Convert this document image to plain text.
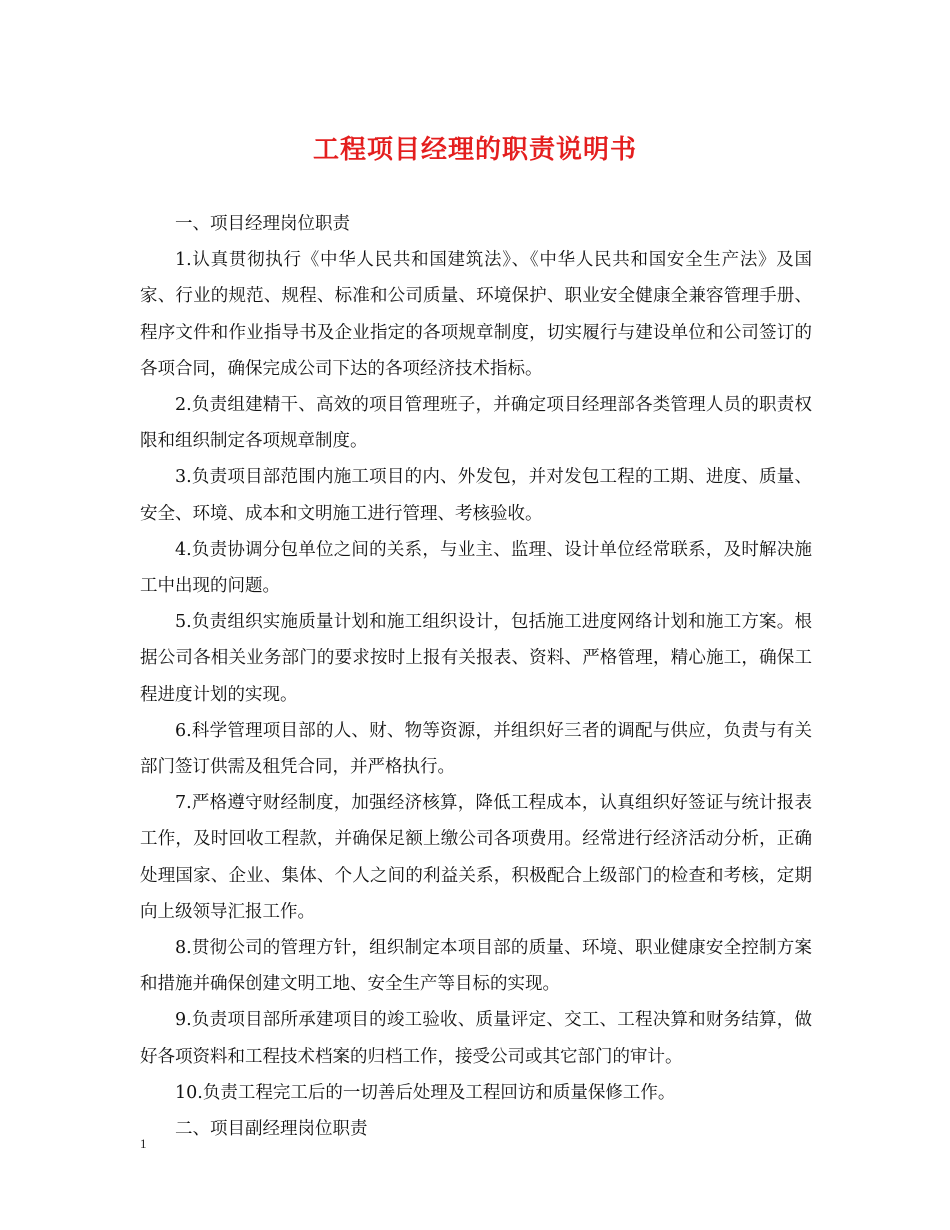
工程项目经理的职责说明书

一、项目经理岗位职责

1.认真贯彻执行《中华人民共和国建筑法》、《中华人民共和国安全生产法》及国家、行业的规范、规程、标准和公司质量、环境保护、职业安全健康全兼容管理手册、程序文件和作业指导书及企业指定的各项规章制度，切实履行与建设单位和公司签订的各项合同，确保完成公司下达的各项经济技术指标。

2.负责组建精干、高效的项目管理班子，并确定项目经理部各类管理人员的职责权限和组织制定各项规章制度。

3.负责项目部范围内施工项目的内、外发包，并对发包工程的工期、进度、质量、安全、环境、成本和文明施工进行管理、考核验收。

4.负责协调分包单位之间的关系，与业主、监理、设计单位经常联系，及时解决施工中出现的问题。

5.负责组织实施质量计划和施工组织设计，包括施工进度网络计划和施工方案。根据公司各相关业务部门的要求按时上报有关报表、资料、严格管理，精心施工，确保工程进度计划的实现。

6.科学管理项目部的人、财、物等资源，并组织好三者的调配与供应，负责与有关部门签订供需及租凭合同，并严格执行。

7.严格遵守财经制度，加强经济核算，降低工程成本，认真组织好签证与统计报表工作，及时回收工程款，并确保足额上缴公司各项费用。经常进行经济活动分析，正确处理国家、企业、集体、个人之间的利益关系，积极配合上级部门的检查和考核，定期向上级领导汇报工作。

8.贯彻公司的管理方针，组织制定本项目部的质量、环境、职业健康安全控制方案和措施并确保创建文明工地、安全生产等目标的实现。

9.负责项目部所承建项目的竣工验收、质量评定、交工、工程决算和财务结算，做好各项资料和工程技术档案的归档工作，接受公司或其它部门的审计。

10.负责工程完工后的一切善后处理及工程回访和质量保修工作。

二、项目副经理岗位职责

1
